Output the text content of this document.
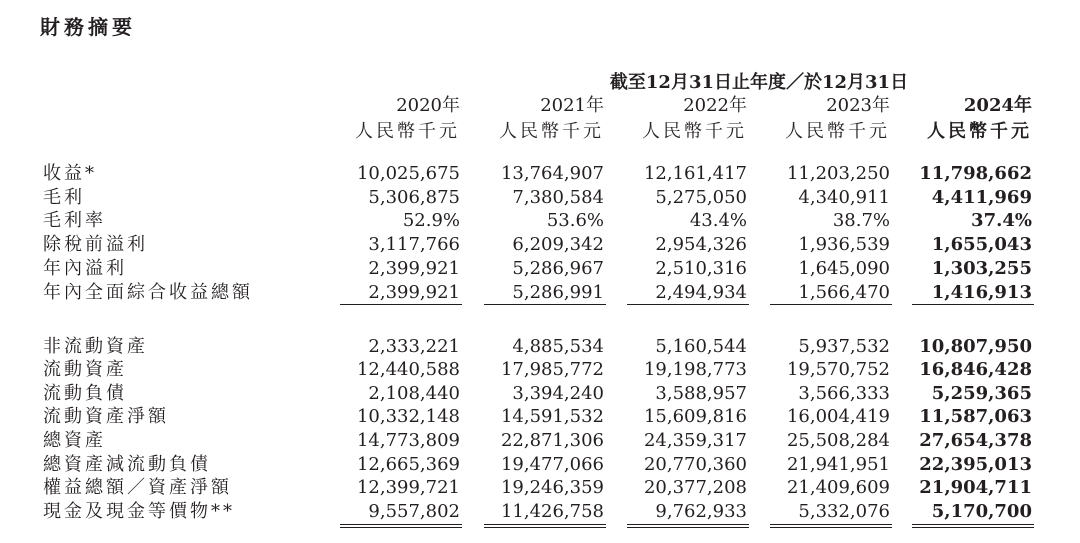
財務摘要
截至12月31日止年度／於12月31日
2020年	2021年	2022年	2023年	2024年
人民幣千元	人民幣千元	人民幣千元	人民幣千元	人民幣千元
收益*	10,025,675	13,764,907	12,161,417	11,203,250	11,798,662
毛利	5,306,875	7,380,584	5,275,050	4,340,911	4,411,969
毛利率	52.9%	53.6%	43.4%	38.7%	37.4%
除稅前溢利	3,117,766	6,209,342	2,954,326	1,936,539	1,655,043
年內溢利	2,399,921	5,286,967	2,510,316	1,645,090	1,303,255
年內全面綜合收益總額	2,399,921	5,286,991	2,494,934	1,566,470	1,416,913
非流動資產	2,333,221	4,885,534	5,160,544	5,937,532	10,807,950
流動資產	12,440,588	17,985,772	19,198,773	19,570,752	16,846,428
流動負債	2,108,440	3,394,240	3,588,957	3,566,333	5,259,365
流動資產淨額	10,332,148	14,591,532	15,609,816	16,004,419	11,587,063
總資產	14,773,809	22,871,306	24,359,317	25,508,284	27,654,378
總資產減流動負債	12,665,369	19,477,066	20,770,360	21,941,951	22,395,013
權益總額／資產淨額	12,399,721	19,246,359	20,377,208	21,409,609	21,904,711
現金及現金等價物**	9,557,802	11,426,758	9,762,933	5,332,076	5,170,700
